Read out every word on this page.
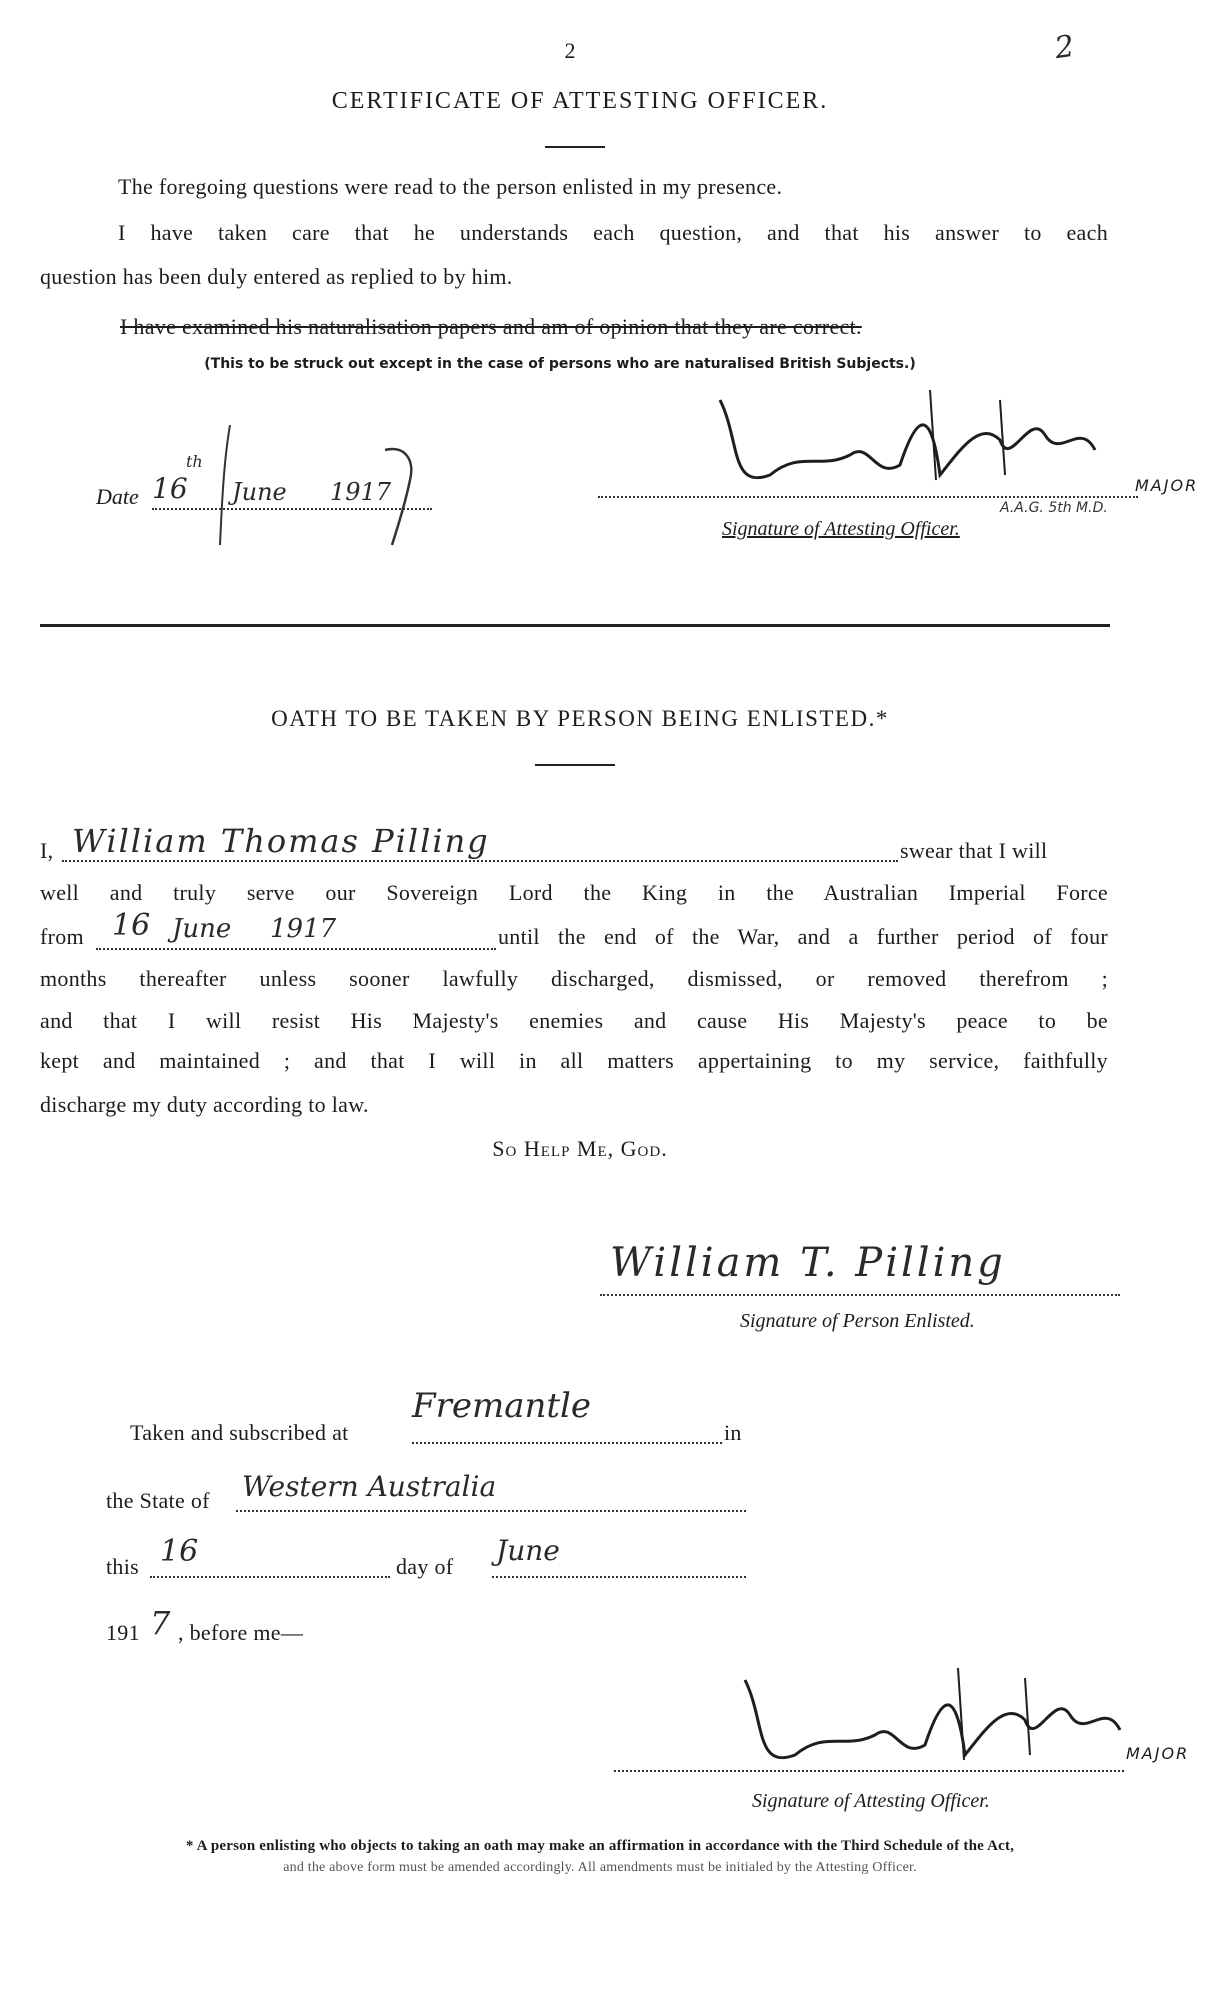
2	2
CERTIFICATE OF ATTESTING OFFICER.
The foregoing questions were read to the person enlisted in my presence.
I have taken care that he understands each question, and that his answer to each
question has been duly entered as replied to by him.
I have examined his naturalisation papers and am of opinion that they are correct.
(This to be struck out except in the case of persons who are naturalised British Subjects.)
Date 16
th
June 1917	MAJOR
Signature of Attesting Officer.
A.A.G. 5th M.D.
OATH TO BE TAKEN BY PERSON BEING ENLISTED.*
I, William Thomas Pilling	swear that I will
well and truly serve our Sovereign Lord the King in the Australian Imperial Force
from 16 June 1917	until the end of the War, and a further period of four
months thereafter unless sooner lawfully discharged, dismissed, or removed therefrom ;
and that I will resist His Majesty's enemies and cause His Majesty's peace to be
kept and maintained ; and that I will in all matters appertaining to my service, faithfully
discharge my duty according to law.
So Help Me, God.
William T. Pilling
Signature of Person Enlisted.
Taken and subscribed at
Fremantle
in
the State of Western Australia
this 16	day of June
191 7 , before me—
MAJOR
Signature of Attesting Officer.
* A person enlisting who objects to taking an oath may make an affirmation in accordance with the Third Schedule of the Act,
and the above form must be amended accordingly. All amendments must be initialed by the Attesting Officer.
